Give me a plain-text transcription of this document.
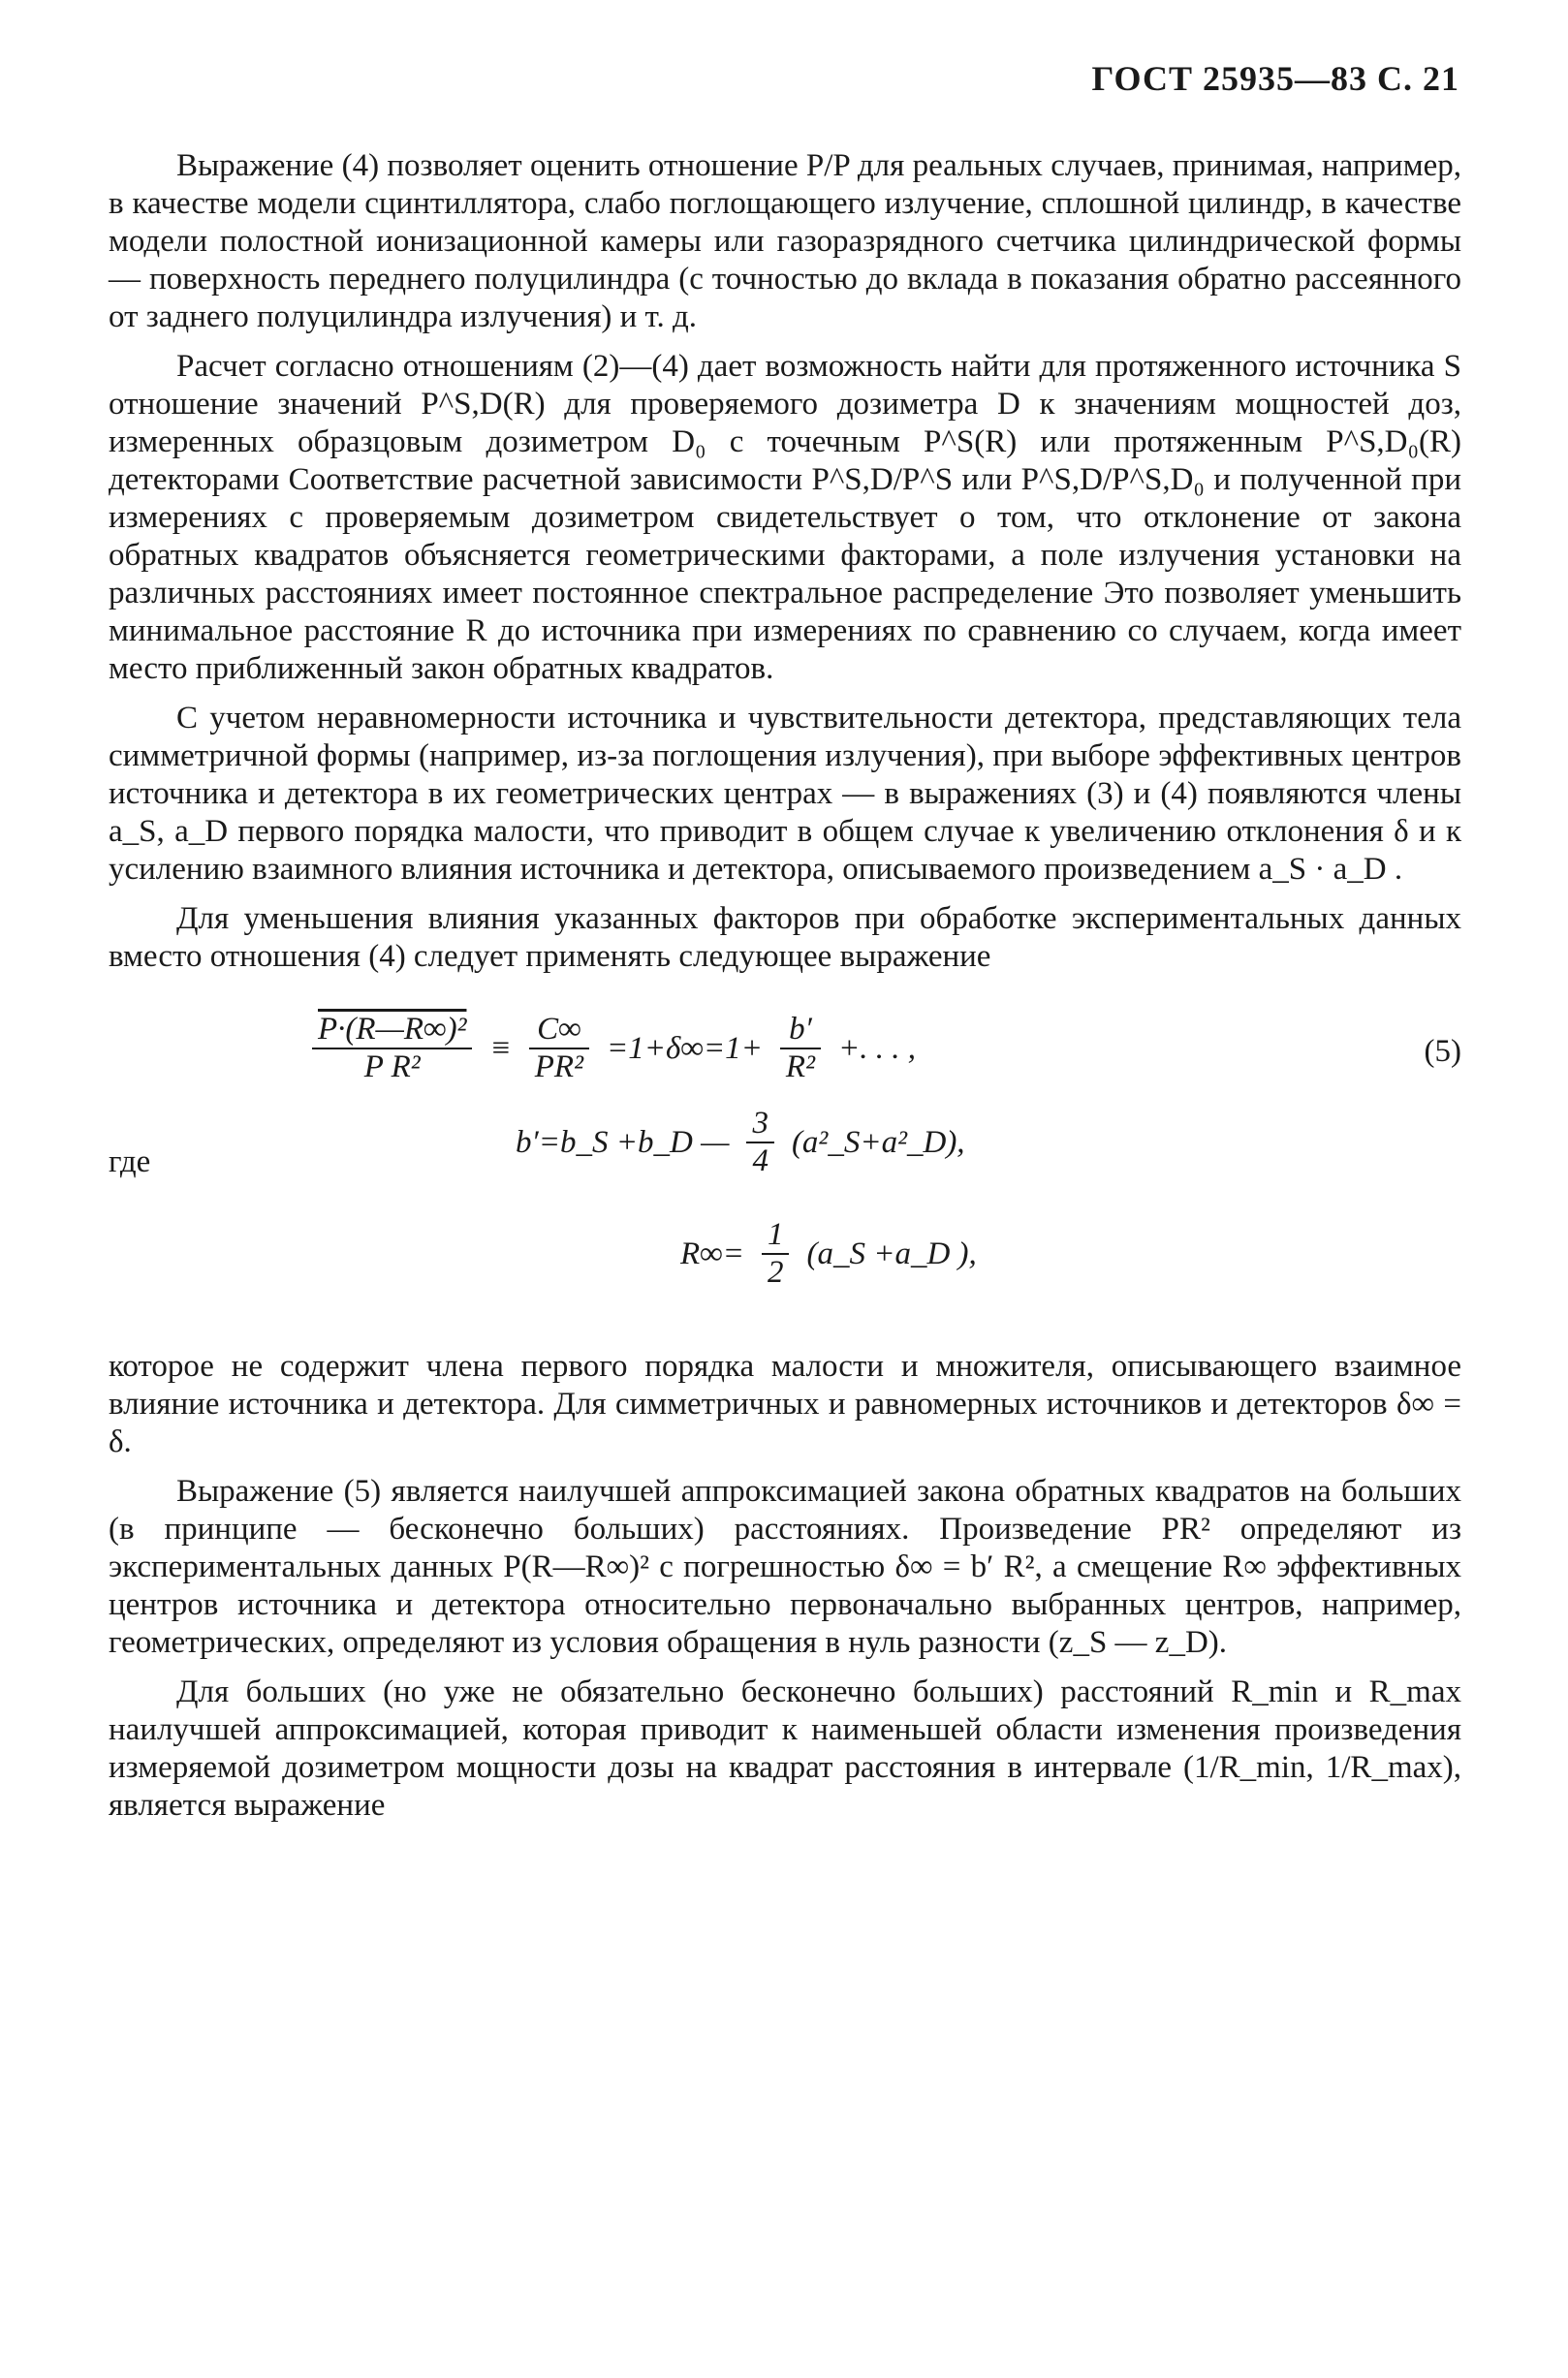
ГОСТ 25935—83 С. 21

Выражение (4) позволяет оценить отношение P/P для реальных случаев, принимая, например, в качестве модели сцинтиллятора, слабо поглощающего излучение, сплошной цилиндр, в качестве модели полостной ионизационной камеры или газоразрядного счетчика цилиндрической формы — поверхность переднего полуцилиндра (с точностью до вклада в показания обратно рассеянного от заднего полуцилиндра излучения) и т. д.

Расчет согласно отношениям (2)—(4) дает возможность найти для протяженного источника S отношение значений P^S,D(R) для проверяемого дозиметра D к значениям мощностей доз, измеренных образцовым дозиметром D₀ с точечным P^S(R) или протяженным P^S,D₀(R) детекторами Соответствие расчетной зависимости P^S,D/P^S или P^S,D/P^S,D₀ и полученной при измерениях с проверяемым дозиметром свидетельствует о том, что отклонение от закона обратных квадратов объясняется геометрическими факторами, а поле излучения установки на различных расстояниях имеет постоянное спектральное распределение Это позволяет уменьшить минимальное расстояние R до источника при измерениях по сравнению со случаем, когда имеет место приближенный закон обратных квадратов.

С учетом неравномерности источника и чувствительности детектора, представляющих тела симметричной формы (например, из-за поглощения излучения), при выборе эффективных центров источника и детектора в их геометрических центрах — в выражениях (3) и (4) появляются члены a_S, a_D первого порядка малости, что приводит в общем случае к увеличению отклонения δ и к усилению взаимного влияния источника и детектора, описываемого произведением a_S · a_D .

Для уменьшения влияния указанных факторов при обработке экспериментальных данных вместо отношения (4) следует применять следующее выражение

$\frac{\text{P·(R—R∞)²}}{\text{P R²}} \equiv \frac{C\infty}{\text{PR²}} =1+\delta\infty=1+ \frac{b'}{\text{R²}}$ +. . . ,	(5)
где
b′=b_S +b_D — $\frac{3}{4}$ (a²_S+a²_D),
$R\infty= \frac{1}{2}$ (a_S +a_D ),

которое не содержит члена первого порядка малости и множителя, описывающего взаимное влияние источника и детектора. Для симметричных и равномерных источников и детекторов δ∞ = δ.

Выражение (5) является наилучшей аппроксимацией закона обратных квадратов на больших (в принципе — бесконечно больших) расстояниях. Произведение PR² определяют из экспериментальных данных P(R—R∞)² с погрешностью δ∞ = b′ R², а смещение R∞ эффективных центров источника и детектора относительно первоначально выбранных центров, например, геометрических, определяют из условия обращения в нуль разности (z_S — z_D).

Для больших (но уже не обязательно бесконечно больших) расстояний R_min и R_max наилучшей аппроксимацией, которая приводит к наименьшей области изменения произведения измеряемой дозиметром мощности дозы на квадрат расстояния в интервале (1/R_min, 1/R_max), является выражение
